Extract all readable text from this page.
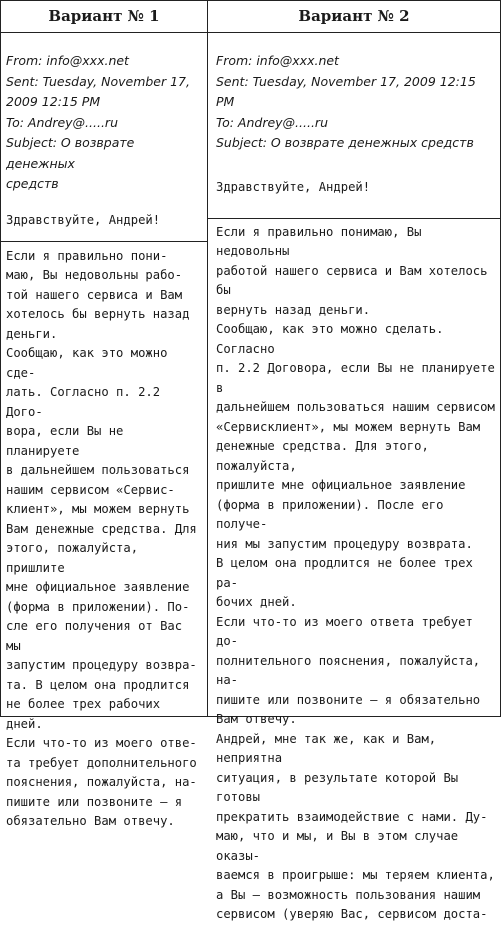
Вариант № 1

From: info@xxx.net

Sent: Tuesday, November 17,

2009 12:15 PM

To: Andrey@.....ru

Subject: О возврате денежных

средств

Здравствуйте, Андрей!

Если я правильно пони-

маю, Вы недовольны рабо-

той нашего сервиса и Вам

хотелось бы вернуть назад

деньги.

Сообщаю, как это можно сде-

лать. Согласно п. 2.2 Дого-

вора, если Вы не планируете

в дальнейшем пользоваться

нашим сервисом «Сервис-

клиент», мы можем вернуть

Вам денежные средства. Для

этого, пожалуйста, пришлите

мне официальное заявление

(форма в приложении). По-

сле его получения от Вас мы

запустим процедуру возвра-

та. В целом она продлится

не более трех рабочих дней.

Если что-то из моего отве-

та требует дополнительного

пояснения, пожалуйста, на-

пишите или позвоните — я

обязательно Вам отвечу.

Вариант № 2

From: info@xxx.net

Sent: Tuesday, November 17, 2009 12:15 PM

To: Andrey@.....ru

Subject: О возврате денежных средств

Здравствуйте, Андрей!

Если я правильно понимаю, Вы недовольны

работой нашего сервиса и Вам хотелось бы

вернуть назад деньги.

Сообщаю, как это можно сделать. Согласно

п. 2.2 Договора, если Вы не планируете в

дальнейшем пользоваться нашим сервисом

«Сервисклиент», мы можем вернуть Вам

денежные средства. Для этого, пожалуйста,

пришлите мне официальное заявление

(форма в приложении). После его получе-

ния мы запустим процедуру возврата.

В целом она продлится не более трех ра-

бочих дней.

Если что-то из моего ответа требует до-

полнительного пояснения, пожалуйста, на-

пишите или позвоните — я обязательно

Вам отвечу.

Андрей, мне так же, как и Вам, неприятна

ситуация, в результате которой Вы готовы

прекратить взаимодействие с нами. Ду-

маю, что и мы, и Вы в этом случае оказы-

ваемся в проигрыше: мы теряем клиента,

а Вы — возможность пользования нашим

сервисом (уверяю Вас, сервисом доста-
